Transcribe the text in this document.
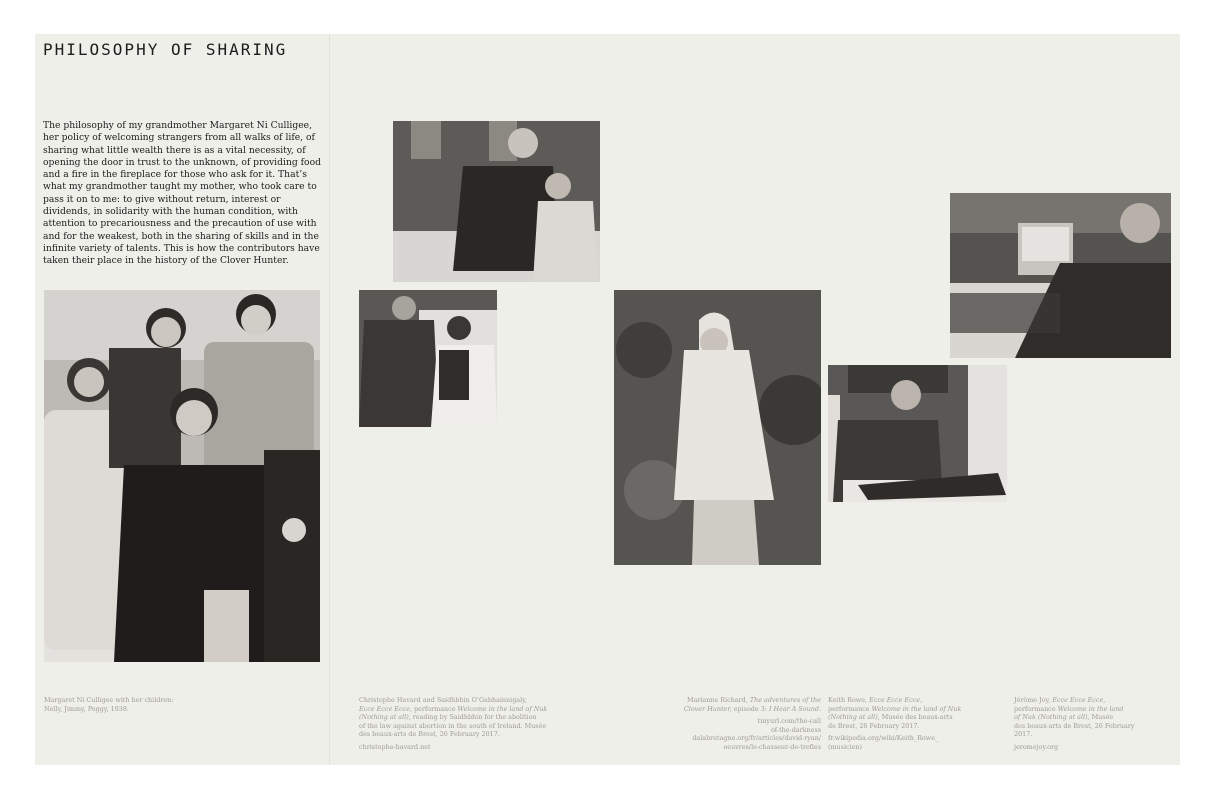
PHILOSOPHY OF SHARING

The philosophy of my grandmother Margaret Ni Culligee, her policy of welcoming strangers from all walks of life, of sharing what little wealth there is as a vital necessity, of opening the door in trust to the unknown, of providing food and a fire in the fireplace for those who ask for it. That’s what my grandmother taught my mother, who took care to pass it on to me: to give without return, interest or dividends, in solidarity with the human condition, with attention to precariousness and the precaution of use with and for the weakest, both in the sharing of skills and in the infinite variety of talents. This is how the contributors have taken their place in the history of the Clover Hunter.

Margaret Ni Culligee with her children:
Nelly, Jimmy, Peggy, 1938.

Christophe Havard and Saidhbhin O’Gabhainnigaly,
Ecce Ecce Ecce, performance Welcome in the land of Nuk
(Nothing at all), reading by Saidhbhin for the abolition
of the law against abortion in the south of Ireland. Musée
des beaux-arts de Brest, 26 February 2017.
christophe-havard.net

Marianne Richard, The adventures of the
Clover Hunter, episode 3: I Hear A Sound.
tinyurl.com/the-call
of-the-darkness
dalabretagne.org/fr/articles/david-ryan/
oeuvres/le-chasseur-de-trefles

Keith Rowe, Ecce Ecce Ecce,
performance Welcome in the land of Nuk
(Nothing at all), Musée des beaux-arts
de Brest, 26 February 2017.
fr.wikipedia.org/wiki/Keith_Rowe_
(musicien)

Jérôme Joy, Ecce Ecce Ecce,
performance Welcome in the land
of Nuk (Nothing at all), Musée
des beaux-arts de Brest, 26 February
2017.
jeromejoy.org
